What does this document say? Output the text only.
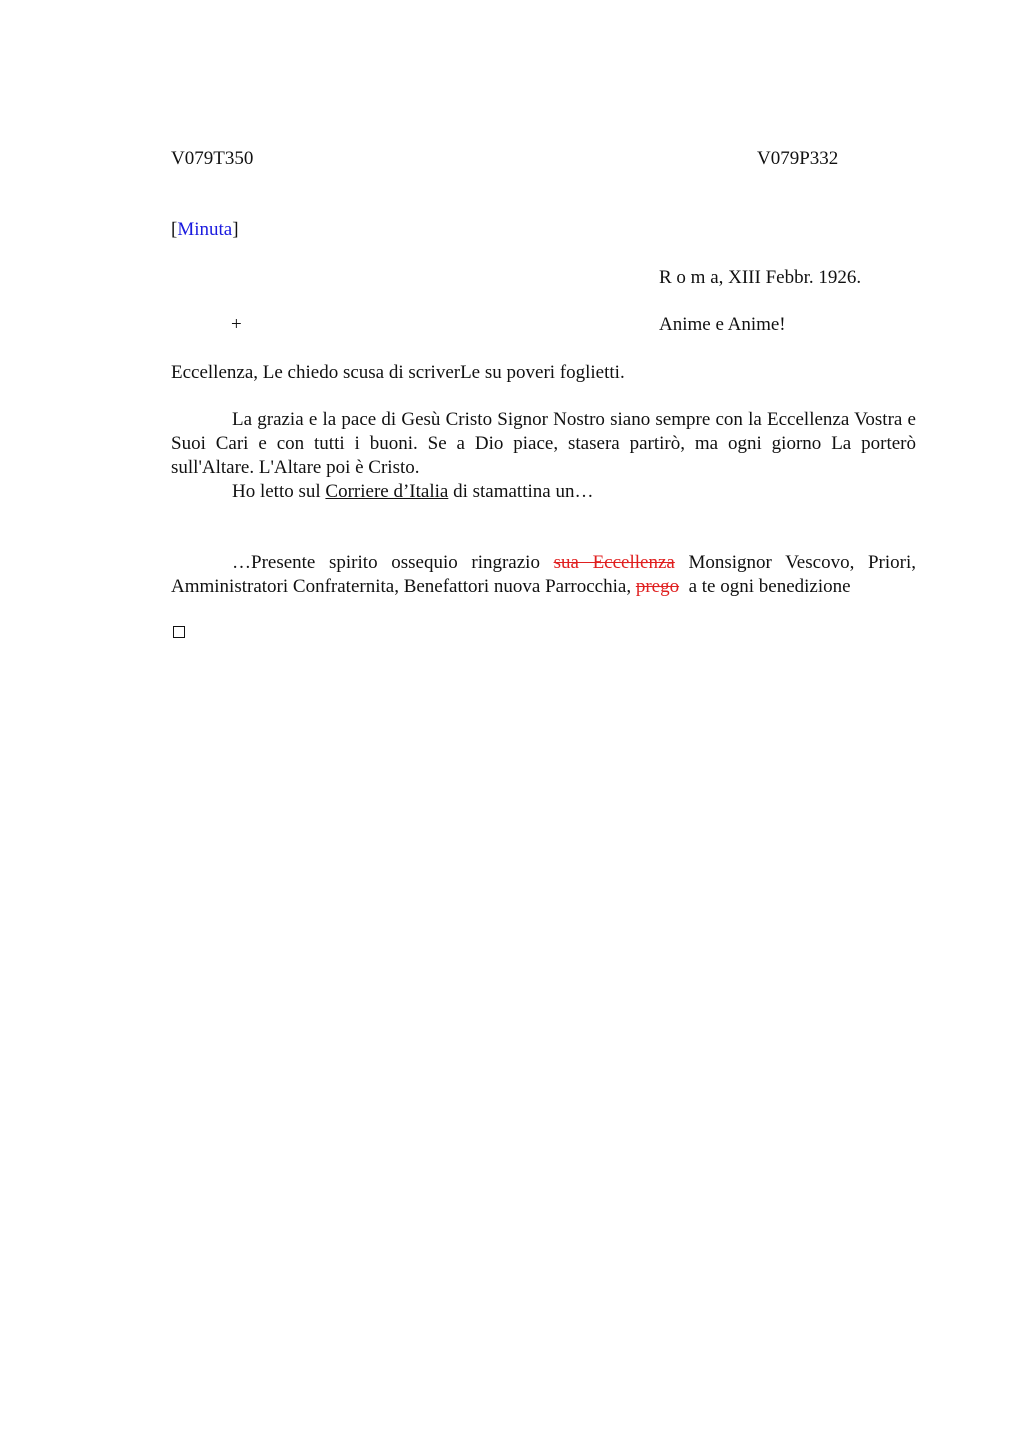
V079T350	V079P332
[Minuta]
R o m a, XIII Febbr. 1926.
+	Anime e Anime!
Eccellenza, Le chiedo scusa di scriverLe su poveri foglietti.
La grazia e la pace di Gesù Cristo Signor Nostro siano sempre con la Eccellenza Vostra e Suoi Cari e con tutti i buoni. Se a Dio piace, stasera partirò, ma ogni giorno La porterò sull'Altare. L'Altare poi è Cristo.
Ho letto sul Corriere d’Italia di stamattina un…
…Presente spirito ossequio ringrazio sua Eccellenza Monsignor Vescovo, Priori, Amministratori Confraternita, Benefattori nuova Parrocchia, prego  a te ogni benedizione
